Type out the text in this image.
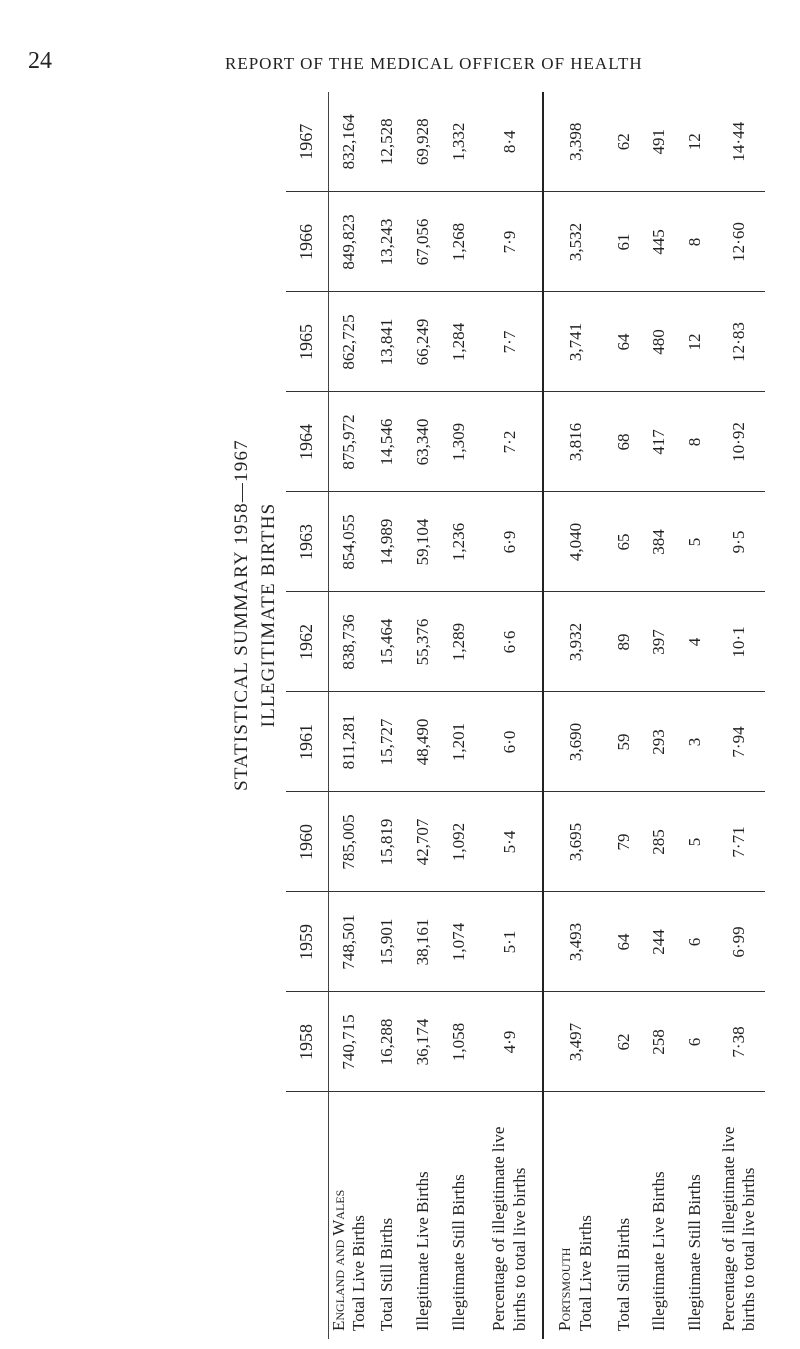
24	REPORT OF THE MEDICAL OFFICER OF HEALTH
ILLEGITIMATE BIRTHS
STATISTICAL SUMMARY 1958—1967
	1958	1959	1960	1961	1962	1963	1964	1965	1966	1967

England and Wales Total Live Births	740,715	748,501	785,005	811,281	838,736	854,055	875,972	862,725	849,823	832,164
Total Still Births	16,288	15,901	15,819	15,727	15,464	14,989	14,546	13,841	13,243	12,528
Illegitimate Live Births	36,174	38,161	42,707	48,490	55,376	59,104	63,340	66,249	67,056	69,928
Illegitimate Still Births	1,058	1,074	1,092	1,201	1,289	1,236	1,309	1,284	1,268	1,332
Percentage of illegitimate live births to total live births	4·9	5·1	5·4	6·0	6·6	6·9	7·2	7·7	7·9	8·4

Portsmouth Total Live Births	3,497	3,493	3,695	3,690	3,932	4,040	3,816	3,741	3,532	3,398
Total Still Births	62	64	79	59	89	65	68	64	61	62
Illegitimate Live Births	258	244	285	293	397	384	417	480	445	491
Illegitimate Still Births	6	6	5	3	4	5	8	12	8	12
Percentage of illegitimate live births to total live births	7·38	6·99	7·71	7·94	10·1	9·5	10·92	12·83	12·60	14·44
